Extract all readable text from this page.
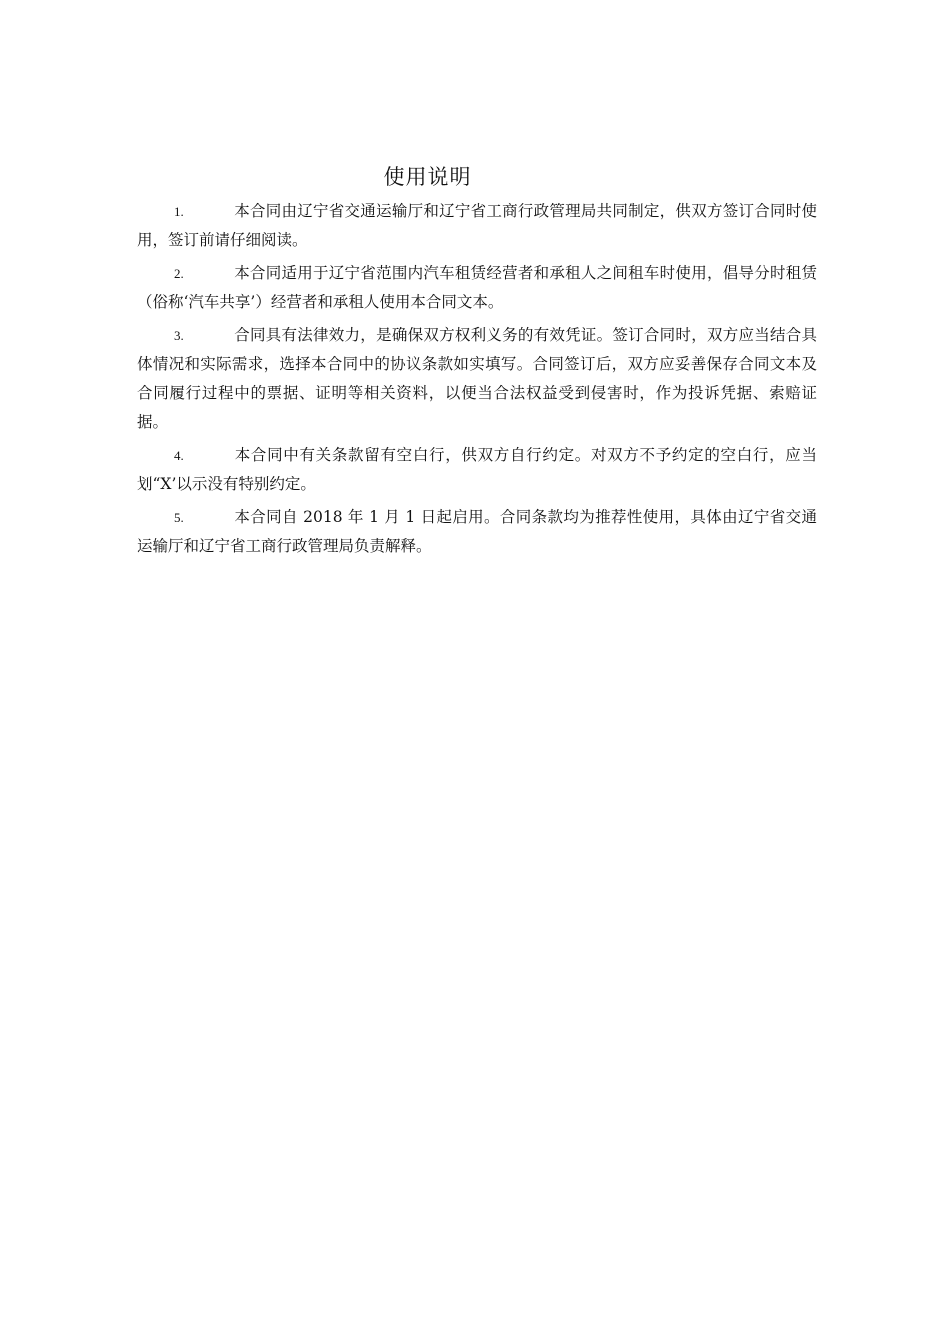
使用说明

1.	本合同由辽宁省交通运输厅和辽宁省工商行政管理局共同制定，供双方签订合同时使用，签订前请仔细阅读。

2.	本合同适用于辽宁省范围内汽车租赁经营者和承租人之间租车时使用，倡导分时租赁（俗称‘汽车共享’）经营者和承租人使用本合同文本。

3.	合同具有法律效力，是确保双方权利义务的有效凭证。签订合同时，双方应当结合具体情况和实际需求，选择本合同中的协议条款如实填写。合同签订后，双方应妥善保存合同文本及合同履行过程中的票据、证明等相关资料，以便当合法权益受到侵害时，作为投诉凭据、索赔证据。

4.	本合同中有关条款留有空白行，供双方自行约定。对双方不予约定的空白行，应当划“X’以示没有特别约定。

5.	本合同自 2018 年 1 月 1 日起启用。合同条款均为推荐性使用，具体由辽宁省交通运输厅和辽宁省工商行政管理局负责解释。
